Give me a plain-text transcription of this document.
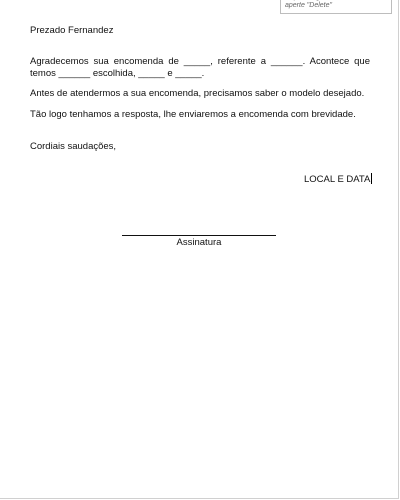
aperte "Delete"
Prezado Fernandez
Agradecemos sua encomenda de _____, referente a ______. Acontece que temos ______ escolhida, _____ e _____.
Antes de atendermos a sua encomenda, precisamos saber o modelo desejado.
Tão logo tenhamos a resposta, lhe enviaremos a encomenda com brevidade.
Cordiais saudações,
LOCAL E DATA
Assinatura
